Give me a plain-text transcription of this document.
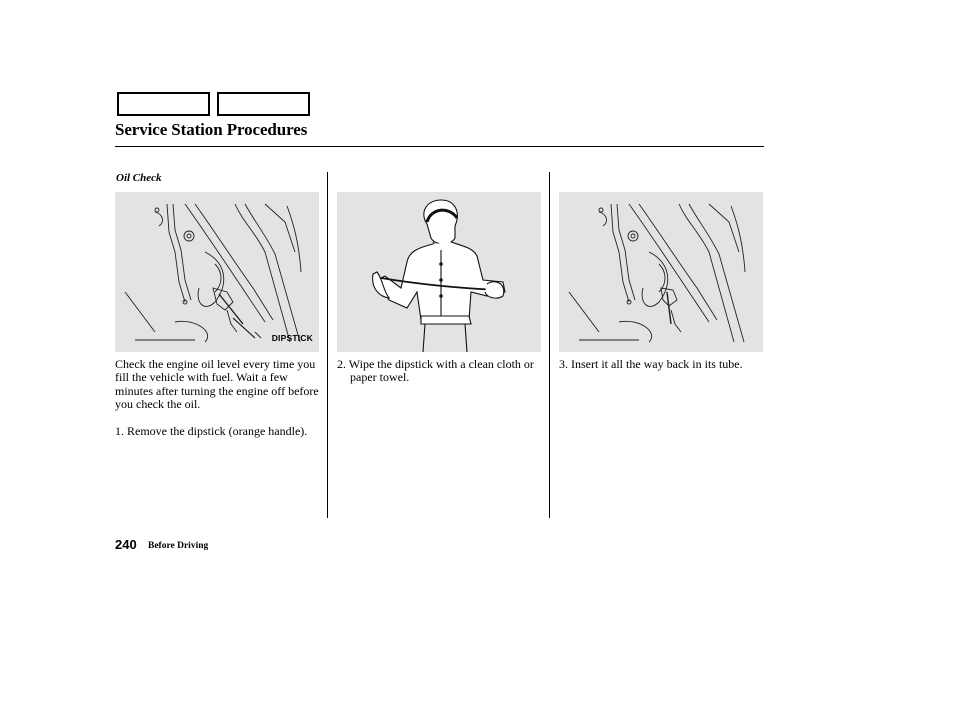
Service Station Procedures
Oil Check
DIPSTICK
Check the engine oil level every time you fill the vehicle with fuel. Wait a few minutes after turning the engine off before you check the oil.
1. Remove the dipstick (orange handle).
2. Wipe the dipstick with a clean cloth or paper towel.
3. Insert it all the way back in its tube.
240 Before Driving
